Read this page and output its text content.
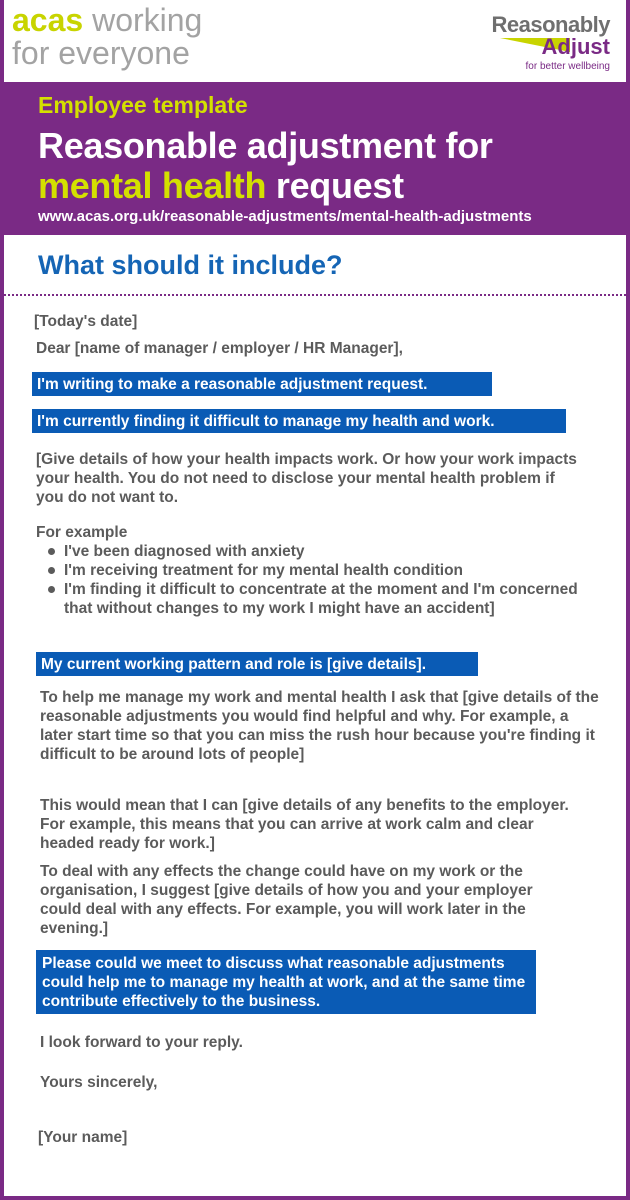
acas working
for everyone
Reasonably
Adjust
for better wellbeing
Employee template
Reasonable adjustment for
mental health request
www.acas.org.uk/reasonable-adjustments/mental-health-adjustments
What should it include?
[Today's date]
Dear [name of manager / employer / HR Manager],
I'm writing to make a reasonable adjustment request.
I'm currently finding it difficult to manage my health and work.
[Give details of how your health impacts work. Or how your work impacts your health. You do not need to disclose your mental health problem if you do not want to.
For example
I've been diagnosed with anxiety
I'm receiving treatment for my mental health condition
I'm finding it difficult to concentrate at the moment and I'm concerned that without changes to my work I might have an accident]
My current working pattern and role is [give details].
To help me manage my work and mental health I ask that [give details of the reasonable adjustments you would find helpful and why. For example, a later start time so that you can miss the rush hour because you're finding it difficult to be around lots of people]
This would mean that I can [give details of any benefits to the employer. For example, this means that you can arrive at work calm and clear headed ready for work.]
To deal with any effects the change could have on my work or the organisation, I suggest [give details of how you and your employer could deal with any effects. For example, you will work later in the evening.]
Please could we meet to discuss what reasonable adjustments could help me to manage my health at work, and at the same time contribute effectively to the business.
I look forward to your reply.
Yours sincerely,
[Your name]
